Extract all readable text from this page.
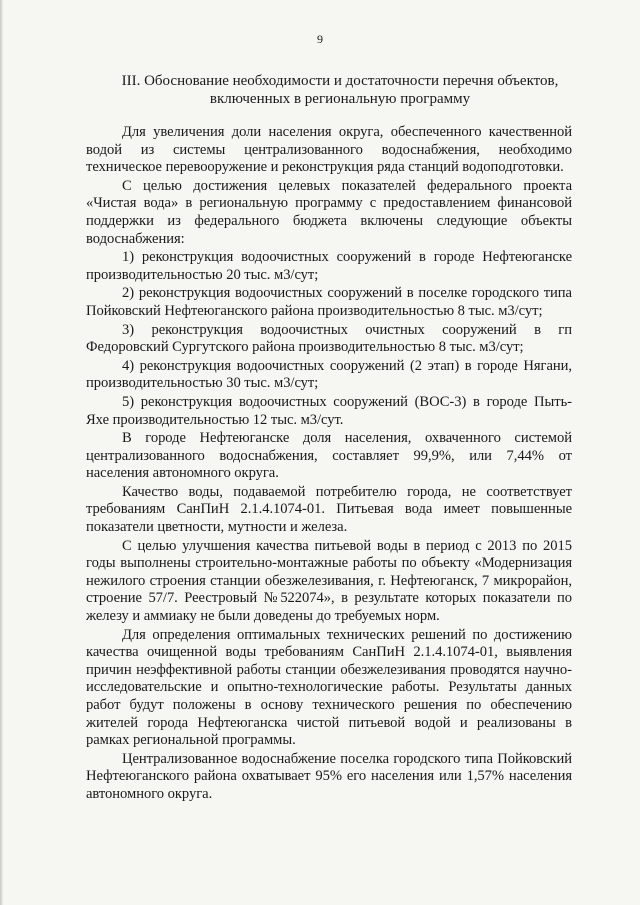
9
III. Обоснование необходимости и достаточности перечня объектов,
включенных в региональную программу

Для увеличения доли населения округа, обеспеченного качественной водой из системы централизованного водоснабжения, необходимо техническое перевооружение и реконструкция ряда станций водоподготовки.

С целью достижения целевых показателей федерального проекта «Чистая вода» в региональную программу с предоставлением финансовой поддержки из федерального бюджета включены следующие объекты водоснабжения:

1) реконструкция водоочистных сооружений в городе Нефтеюганске производительностью 20 тыс. м3/сут;

2) реконструкция водоочистных сооружений в поселке городского типа Пойковский Нефтеюганского района производительностью 8 тыс. м3/сут;

3) реконструкция водоочистных очистных сооружений в гп Федоровский Сургутского района производительностью 8 тыс. м3/сут;

4) реконструкция водоочистных сооружений (2 этап) в городе Нягани, производительностью 30 тыс. м3/сут;

5) реконструкция водоочистных сооружений (ВОС-3) в городе Пыть-Яхе производительностью 12 тыс. м3/сут.

В городе Нефтеюганске доля населения, охваченного системой централизованного водоснабжения, составляет 99,9%, или 7,44% от населения автономного округа.

Качество воды, подаваемой потребителю города, не соответствует требованиям СанПиН 2.1.4.1074-01. Питьевая вода имеет повышенные показатели цветности, мутности и железа.

С целью улучшения качества питьевой воды в период с 2013 по 2015 годы выполнены строительно-монтажные работы по объекту «Модернизация нежилого строения станции обезжелезивания, г. Нефтеюганск, 7 микрорайон, строение 57/7. Реестровый №522074», в результате которых показатели по железу и аммиаку не были доведены до требуемых норм.

Для определения оптимальных технических решений по достижению качества очищенной воды требованиям СанПиН 2.1.4.1074-01, выявления причин неэффективной работы станции обезжелезивания проводятся научно-исследовательские и опытно-технологические работы. Результаты данных работ будут положены в основу технического решения по обеспечению жителей города Нефтеюганска чистой питьевой водой и реализованы в рамках региональной программы.

Централизованное водоснабжение поселка городского типа Пойковский Нефтеюганского района охватывает 95% его населения или 1,57% населения автономного округа.
